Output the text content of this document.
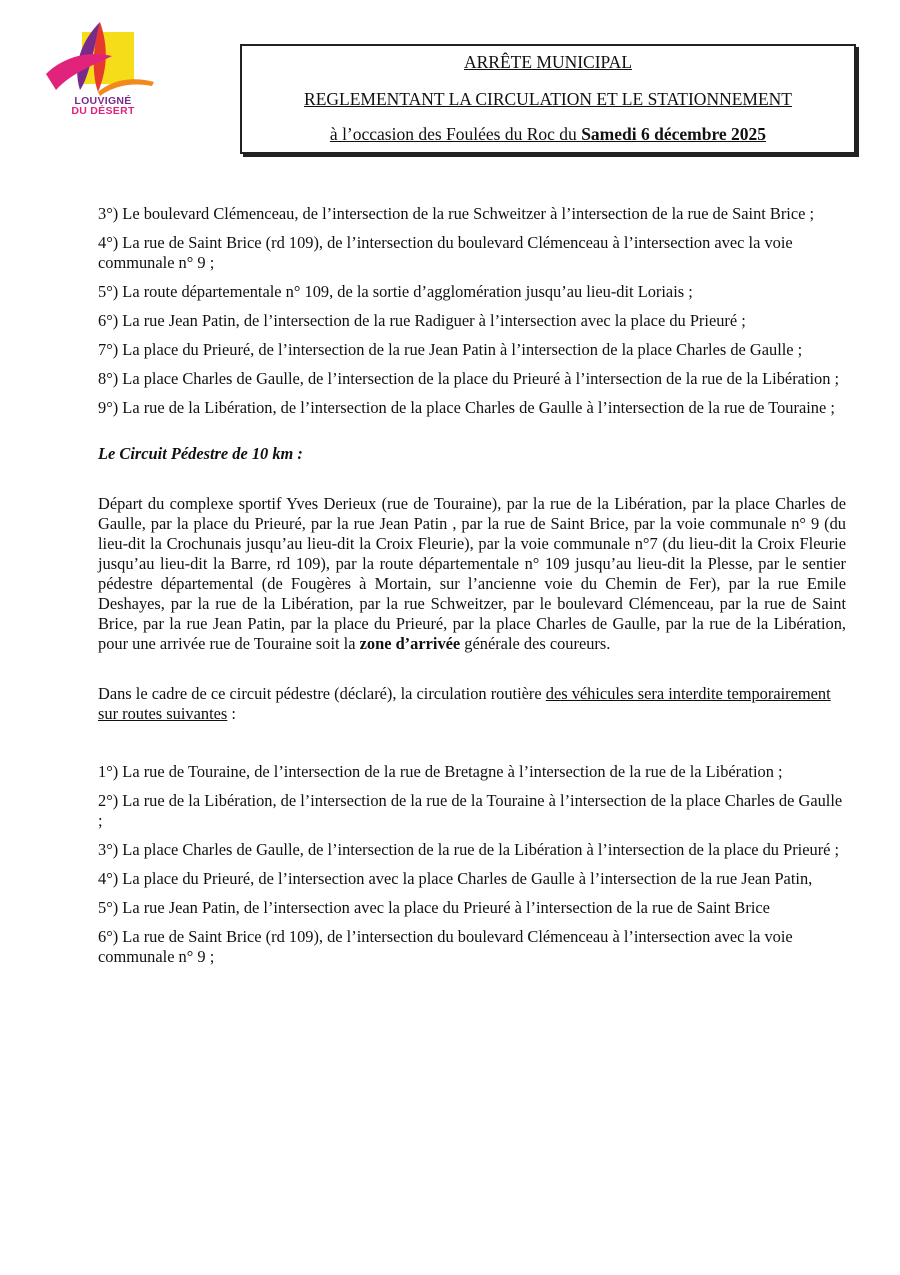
LOUVIGNÉ
DU DÉSERT
ARRÊTE MUNICIPAL
REGLEMENTANT LA CIRCULATION ET LE STATIONNEMENT
à l’occasion des Foulées du Roc du Samedi 6 décembre 2025

3°) Le boulevard Clémenceau, de l’intersection de la rue Schweitzer à l’intersection de la rue de Saint Brice ;

4°) La rue de Saint Brice (rd 109), de l’intersection du boulevard Clémenceau à l’intersection avec la voie communale n° 9 ;

5°) La route départementale n° 109, de la sortie d’agglomération jusqu’au lieu-dit Loriais ;

6°) La rue Jean Patin, de l’intersection de la rue Radiguer à l’intersection avec la place du Prieuré ;

7°) La place du Prieuré, de l’intersection de la rue Jean Patin à l’intersection de la place Charles de Gaulle ;

8°) La place Charles de Gaulle, de l’intersection de la place du Prieuré à l’intersection de la rue de la Libération ;

9°) La rue de la Libération, de l’intersection de la place Charles de Gaulle à l’intersection de la rue de Touraine ;

Le Circuit Pédestre de 10 km :

Départ du complexe sportif Yves Derieux (rue de Touraine), par la rue de la Libération, par la place Charles de Gaulle, par la place du Prieuré, par la rue Jean Patin , par la rue de Saint Brice, par la voie communale n° 9 (du lieu-dit la Crochunais jusqu’au lieu-dit la Croix Fleurie), par la voie communale n°7 (du lieu-dit la Croix Fleurie jusqu’au lieu-dit la Barre, rd 109), par la route départementale n° 109 jusqu’au lieu-dit la Plesse, par le sentier pédestre départemental (de Fougères à Mortain, sur l’ancienne voie du Chemin de Fer), par la rue Emile Deshayes, par la rue de la Libération, par la rue Schweitzer, par le boulevard Clémenceau, par la rue de Saint Brice, par la rue Jean Patin, par la place du Prieuré, par la place Charles de Gaulle, par la rue de la Libération, pour une arrivée rue de Touraine soit la zone d’arrivée générale des coureurs.

Dans le cadre de ce circuit pédestre (déclaré), la circulation routière des véhicules sera interdite temporairement sur routes suivantes :

1°) La rue de Touraine, de l’intersection de la rue de Bretagne à l’intersection de la rue de la Libération ;

2°) La rue de la Libération, de l’intersection de la rue de la Touraine à l’intersection de la place Charles de Gaulle ;

3°) La place Charles de Gaulle, de l’intersection de la rue de la Libération à l’intersection de la place du Prieuré ;

4°) La place du Prieuré, de l’intersection avec la place Charles de Gaulle à l’intersection de la rue Jean Patin,

5°) La rue Jean Patin, de l’intersection avec la place du Prieuré à l’intersection de la rue de Saint Brice

6°) La rue de Saint Brice (rd 109), de l’intersection du boulevard Clémenceau à l’intersection avec la voie communale n° 9 ;
